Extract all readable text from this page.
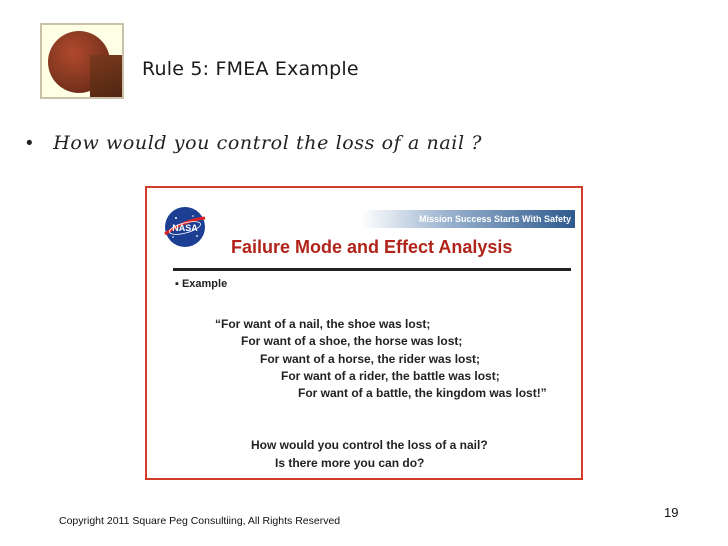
Rule 5: FMEA Example
• How would you control the loss of a nail ?
NASA
Mission Success Starts With Safety
Failure Mode and Effect Analysis
▪ Example
“For want of a nail, the shoe was lost;
For want of a shoe, the horse was lost;
For want of a horse, the rider was lost;
For want of a rider, the battle was lost;
For want of a battle, the kingdom was lost!”
How would you control the loss of a nail?
Is there more you can do?
19
Copyright 2011 Square Peg Consultiing, All Rights Reserved
